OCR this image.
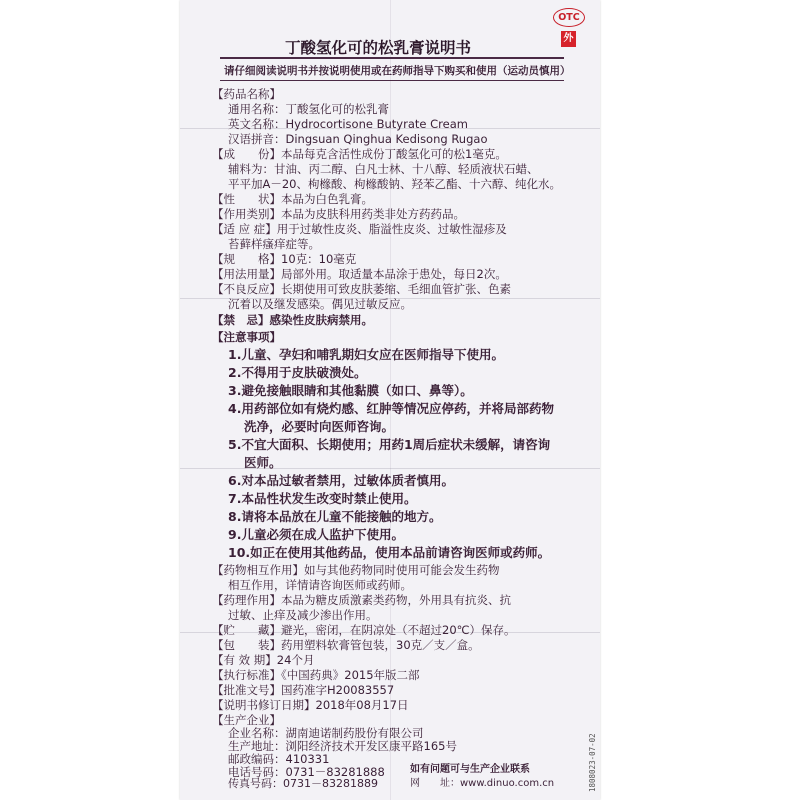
OTC
外
丁酸氢化可的松乳膏说明书
请仔细阅读说明书并按说明使用或在药师指导下购买和使用（运动员慎用）
【药品名称】
通用名称：丁酸氢化可的松乳膏
英文名称：Hydrocortisone Butyrate Cream
汉语拼音：Dingsuan Qinghua Kedisong Rugao
【成　　份】本品每克含活性成份丁酸氢化可的松1毫克。
辅料为：甘油、丙二醇、白凡士林、十八醇、轻质液状石蜡、
平平加A－20、枸橼酸、枸橼酸钠、羟苯乙酯、十六醇、纯化水。
【性　　状】本品为白色乳膏。
【作用类别】本品为皮肤科用药类非处方药药品。
【适 应 症】用于过敏性皮炎、脂溢性皮炎、过敏性湿疹及
苔藓样瘙痒症等。
【规　　格】10克：10毫克
【用法用量】局部外用。取适量本品涂于患处，每日2次。
【不良反应】长期使用可致皮肤萎缩、毛细血管扩张、色素
沉着以及继发感染。偶见过敏反应。
【禁　忌】感染性皮肤病禁用。
【注意事项】
1.儿童、孕妇和哺乳期妇女应在医师指导下使用。
2.不得用于皮肤破溃处。
3.避免接触眼睛和其他黏膜（如口、鼻等）。
4.用药部位如有烧灼感、红肿等情况应停药，并将局部药物
洗净，必要时向医师咨询。
5.不宜大面积、长期使用；用药1周后症状未缓解，请咨询
医师。
6.对本品过敏者禁用，过敏体质者慎用。
7.本品性状发生改变时禁止使用。
8.请将本品放在儿童不能接触的地方。
9.儿童必须在成人监护下使用。
10.如正在使用其他药品，使用本品前请咨询医师或药师。
【药物相互作用】如与其他药物同时使用可能会发生药物
相互作用，详情请咨询医师或药师。
【药理作用】本品为糖皮质激素类药物，外用具有抗炎、抗
过敏、止痒及减少渗出作用。
【贮　　藏】避光，密闭，在阴凉处（不超过20℃）保存。
【包　　装】药用塑料软膏管包装，30克／支／盒。
【有 效 期】24个月
【执行标准】《中国药典》2015年版二部
【批准文号】国药准字H20083557
【说明书修订日期】2018年08月17日
【生产企业】
企业名称：湖南迪诺制药股份有限公司
生产地址：浏阳经济技术开发区康平路165号
邮政编码：410331
电话号码：0731－83281888
传真号码：0731－83281889	1808023-07-02
网　　址：www.dinuo.com.cn
如有问题可与生产企业联系
